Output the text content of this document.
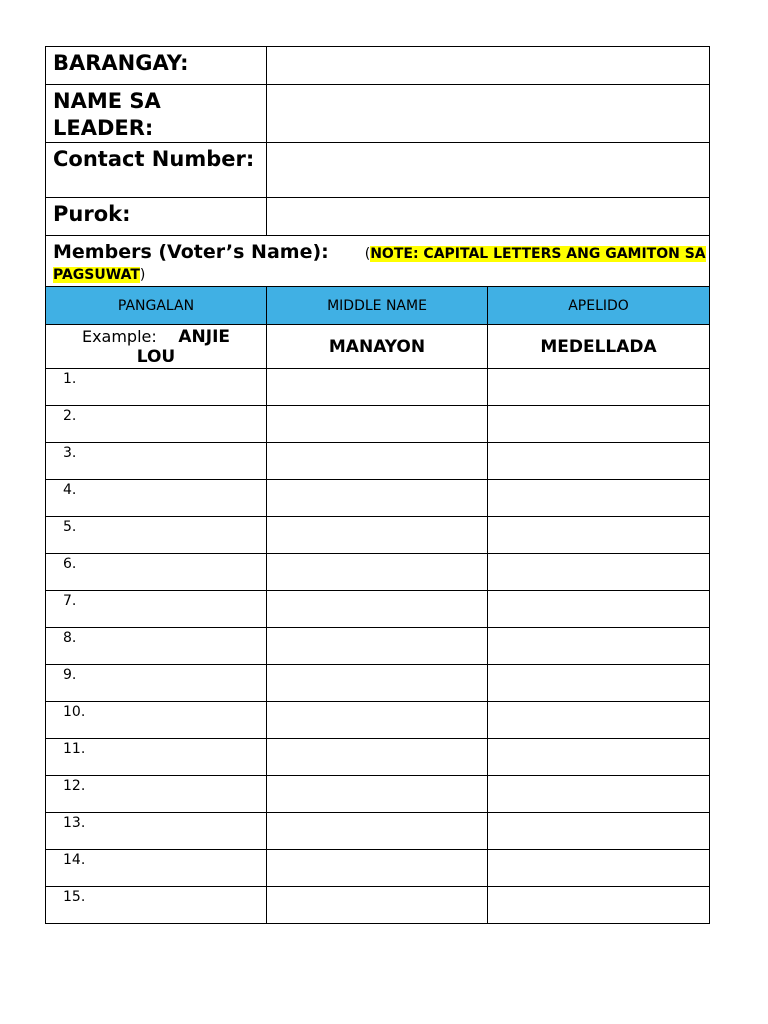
BARANGAY:		
NAME SA LEADER:		
Contact Number:		
Purok:		
Members (Voter’s Name): (NOTE: CAPITAL LETTERS ANG GAMITON SA PAGSUWAT)		
PANGALAN	MIDDLE NAME	APELIDO
Example: ANJIE LOU	MANAYON	MEDELLADA
1.		
2.		
3.		
4.		
5.		
6.		
7.		
8.		
9.		
10.		
11.		
12.		
13.		
14.		
15.		
